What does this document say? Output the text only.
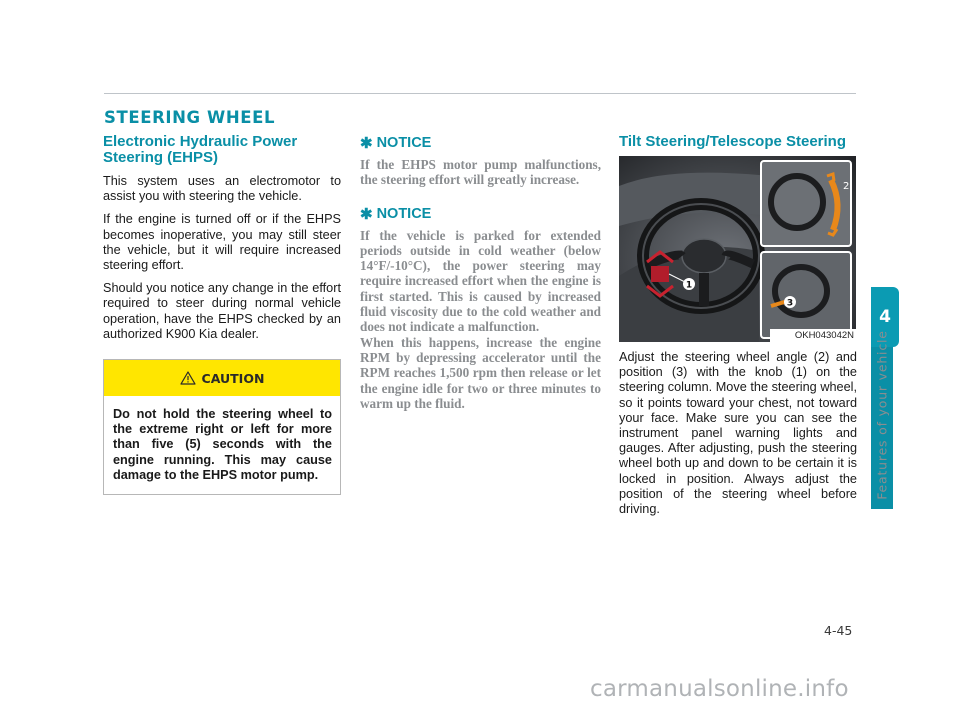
STEERING WHEEL
Electronic Hydraulic Power Steering (EHPS)

This system uses an electromotor to assist you with steering the vehicle.

If the engine is turned off or if the EHPS becomes inoperative, you may still steer the vehicle, but it will require increased steering effort.

Should you notice any change in the effort required to steer during normal vehicle operation, have the EHPS checked by an authorized K900 Kia dealer.

CAUTION

Do not hold the steering wheel to the extreme right or left for more than five (5) seconds with the engine running. This may cause damage to the EHPS motor pump.

✱ NOTICE

If the EHPS motor pump malfunctions, the steering effort will greatly increase.

✱ NOTICE

If the vehicle is parked for extended periods outside in cold weather (below 14°F/-10°C), the power steering may require increased effort when the engine is first started. This is caused by increased fluid viscosity due to the cold weather and does not indicate a malfunction.

When this happens, increase the engine RPM by depressing accelerator until the RPM reaches 1,500 rpm then release or let the engine idle for two or three minutes to warm up the fluid.

Tilt Steering/Telescope Steering
1
2
3
OKH043042N

Adjust the steering wheel angle (2) and position (3) with the knob (1) on the steering column. Move the steering wheel, so it points toward your chest, not toward your face. Make sure you can see the instrument panel warning lights and gauges. After adjusting, push the steering wheel both up and down to be certain it is locked in position. Always adjust the position of the steering wheel before driving.

4
Features of your vehicle
4-45
carmanualsonline.info
